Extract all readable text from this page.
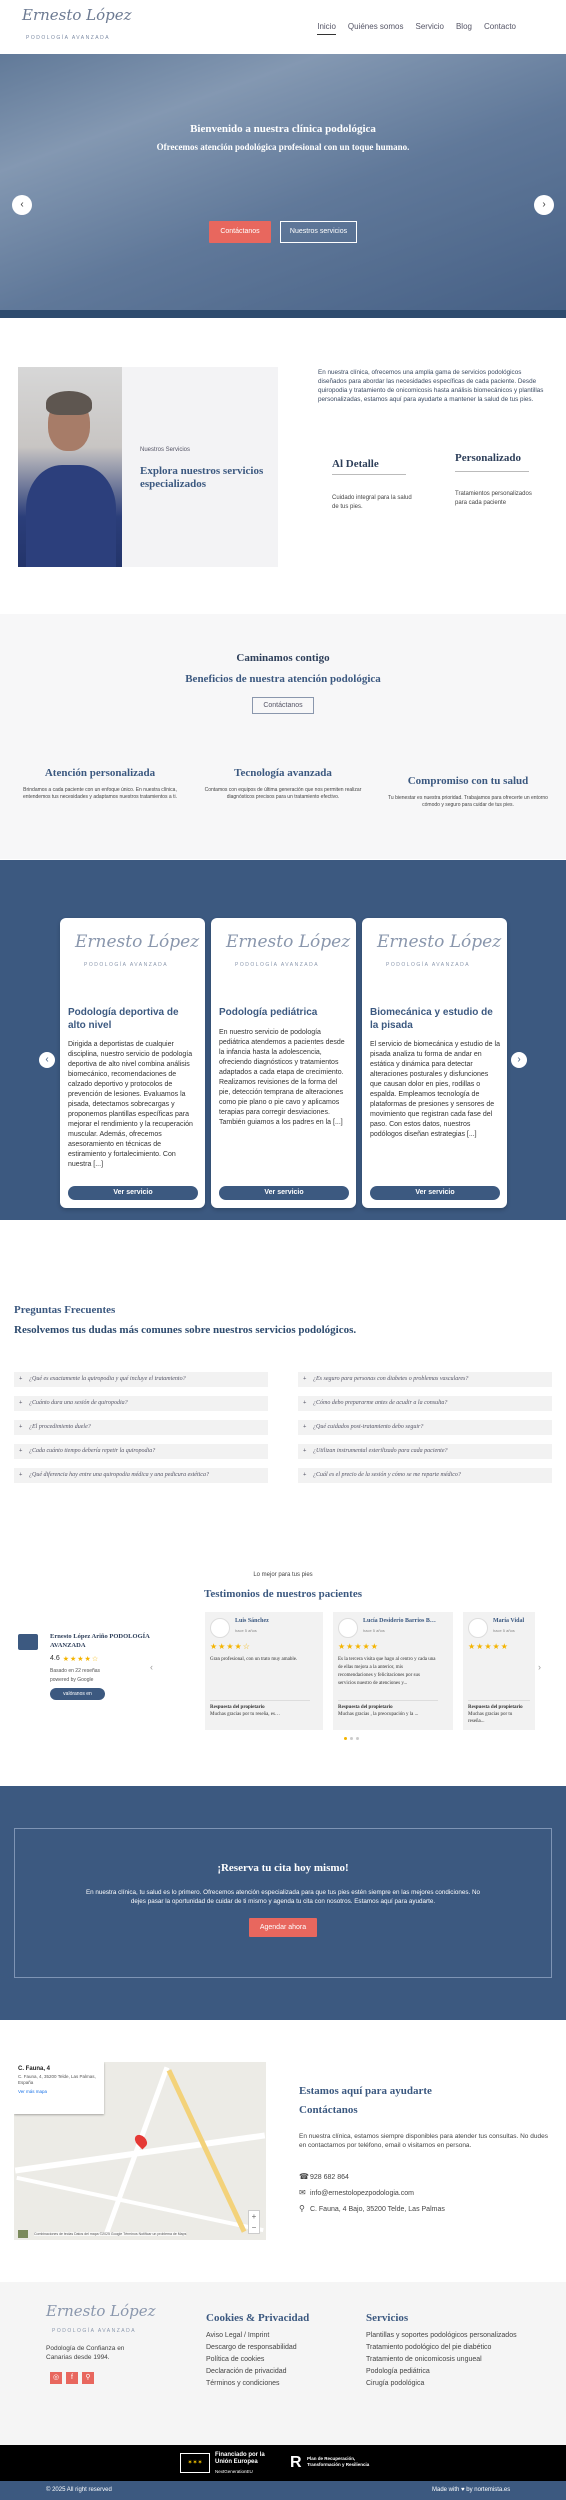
Ernesto López
PODOLOGÍA AVANZADA
Inicio Quiénes somos Servicio Blog Contacto
Bienvenido a nuestra clínica podológica
Ofrecemos atención podológica profesional con un toque humano.
Contáctanos	Nuestros servicios
‹	›
Nuestros Servicios
Explora nuestros servicios especializados
En nuestra clínica, ofrecemos una amplia gama de servicios podológicos diseñados para abordar las necesidades específicas de cada paciente. Desde quiropodia y tratamiento de onicomicosis hasta análisis biomecánicos y plantillas personalizadas, estamos aquí para ayudarte a mantener la salud de tus pies.
Al Detalle
Cuidado integral para la salud de tus pies.
Personalizado
Tratamientos personalizados para cada paciente
Caminamos contigo
Beneficios de nuestra atención podológica
Contáctanos
Atención personalizada
Brindamos a cada paciente con un enfoque único. En nuestra clínica, entendemos tus necesidades y adaptamos nuestros tratamientos a ti.
Tecnología avanzada
Contamos con equipos de última generación que nos permiten realizar diagnósticos precisos para un tratamiento efectivo.
Compromiso con tu salud
Tu bienestar es nuestra prioridad. Trabajamos para ofrecerte un entorno cómodo y seguro para cuidar de tus pies.
‹	›
Ernesto López
PODOLOGÍA AVANZADA
Podología deportiva de alto nivel
Dirigida a deportistas de cualquier disciplina, nuestro servicio de podología deportiva de alto nivel combina análisis biomecánico, recomendaciones de calzado deportivo y protocolos de prevención de lesiones. Evaluamos la pisada, detectamos sobrecargas y proponemos plantillas específicas para mejorar el rendimiento y la recuperación muscular. Además, ofrecemos asesoramiento en técnicas de estiramiento y fortalecimiento. Con nuestra [...]
Ver servicio
Ernesto López
PODOLOGÍA AVANZADA
Podología pediátrica
En nuestro servicio de podología pediátrica atendemos a pacientes desde la infancia hasta la adolescencia, ofreciendo diagnósticos y tratamientos adaptados a cada etapa de crecimiento. Realizamos revisiones de la forma del pie, detección temprana de alteraciones como pie plano o pie cavo y aplicamos terapias para corregir desviaciones. También guiamos a los padres en la [...]
Ver servicio
Ernesto López
PODOLOGÍA AVANZADA
Biomecánica y estudio de la pisada
El servicio de biomecánica y estudio de la pisada analiza tu forma de andar en estática y dinámica para detectar alteraciones posturales y disfunciones que causan dolor en pies, rodillas o espalda. Empleamos tecnología de plataformas de presiones y sensores de movimiento que registran cada fase del paso. Con estos datos, nuestros podólogos diseñan estrategias [...]
Ver servicio
Preguntas Frecuentes
Resolvemos tus dudas más comunes sobre nuestros servicios podológicos.
+ ¿Qué es exactamente la quiropodia y qué incluye el tratamiento?
+ ¿Cuánto dura una sesión de quiropodia?
+ ¿El procedimiento duele?
+ ¿Cada cuánto tiempo debería repetir la quiropodia?
+ ¿Qué diferencia hay entre una quiropodia médica y una pedicura estética?
+ ¿Es seguro para personas con diabetes o problemas vasculares?
+ ¿Cómo debo prepararme antes de acudir a la consulta?
+ ¿Qué cuidados post-tratamiento debo seguir?
+ ¿Utilizan instrumental esterilizado para cada paciente?
+ ¿Cuál es el precio de la sesión y cómo se me reparte médico?
Lo mejor para tus pies
Testimonios de nuestros pacientes
Ernesto López Ariño PODOLOGÍA AVANZADA
4.6 ★★★★☆
Basado en 22 reseñas
powered by Google
valóranos en
‹	›
Luis Sánchez
hace 5 años
★★★★☆
Gran profesional, con un trato muy amable.
Respuesta del propietario
Muchas gracias por tu reseña, es…
Lucía Desiderio Barrios B…
hace 5 años
★★★★★
Es la tercera visita que hago al centro y cada una de ellas mejora a la anterior, mis recomendaciones y felicitaciones por sus servicios nuestro de atenciones y...
Respuesta del propietario
Muchas gracias , la preocupación y la ...
María Vidal
hace 5 años
★★★★★
Respuesta del propietario
Muchas gracias por tu reseña...
¡Reserva tu cita hoy mismo!
En nuestra clínica, tu salud es lo primero. Ofrecemos atención especializada para que tus pies estén siempre en las mejores condiciones. No dejes pasar la oportunidad de cuidar de ti mismo y agenda tu cita con nosotros. Estamos aquí para ayudarte.
Agendar ahora
C. Fauna, 4
C. Fauna, 4, 35200 Telde, Las Palmas, España
Ver más mapa
+
−
Combinaciones de teclas Datos del mapa ©2025 Google Términos Notificar un problema de Maps
Estamos aquí para ayudarte
Contáctanos
En nuestra clínica, estamos siempre disponibles para atender tus consultas. No dudes en contactarnos por teléfono, email o visitarnos en persona.
☎ 928 682 864
✉ info@ernestolopezpodologia.com
⚲ C. Fauna, 4 Bajo, 35200 Telde, Las Palmas
Ernesto López
PODOLOGÍA AVANZADA
Podología de Confianza en Canarias desde 1994.
◎	f	⚲
Cookies & Privacidad
Aviso Legal / Imprint
Descargo de responsabilidad
Política de cookies
Declaración de privacidad
Términos y condiciones
Servicios
Plantillas y soportes podológicos personalizados
Tratamiento podológico del pie diabético
Tratamiento de onicomicosis ungueal
Podología pediátrica
Cirugía podológica
✶✶✶
Financiado por la Unión Europea
NextGenerationEU
R	Plan de Recuperación, Transformación y Resiliencia
© 2025 All right reserved	Made with ♥ by nortemista.es
